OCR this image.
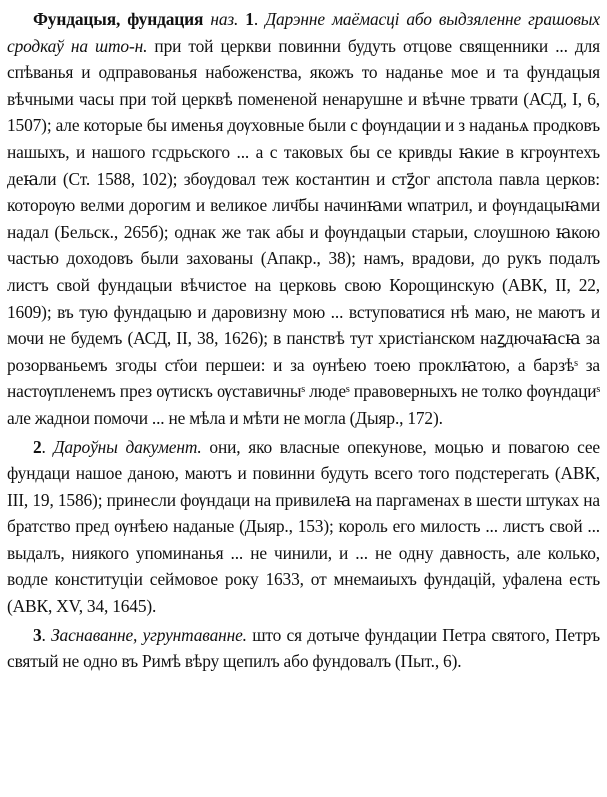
Фундацыя, фундация наз. 1. Дарэнне маёмасці або выдзяленне грашовых сродкаў на што-н. при той церкви повинни будуть отцове священники ... для спѣванья и одправованья набоженства, якожъ то наданье мое и та фундацыя вѣчными часы при той церквѣ помененой ненарушне и вѣчне трвати (АСД, I, 6, 1507); але которые бы именья дѹховные были с фѹндации и з наданьѧ продковъ нашыхъ, и нашого гсдрьского ... а с таковых бы се кривды ꙗкие в кгрѹнтехъ деꙗли (Ст. 1588, 102); збѹдовал теж костантин и стꙁ҃ог апстола павла церков: которѹю велми дорогим и великое лич҃бы начинꙗми ѡпатрил, и фѹндацыꙗми надал (Бельск., 265б); однак же так абы и фѹндацыи старыи, слоушною ꙗкою частью доходовъ были захованы (Апакр., 38); намъ, врадови, до рукъ подалъ листъ свой фундацыи вѣчистое на церковь свою Корощинскую (АВК, II, 22, 1609); въ тую фундацыю и даровизну мою ... вступоватися нѣ маю, не маютъ и мочи не будемъ (АСД, II, 38, 1626); в панствѣ тут христіанском наꙁдючаꙗсꙗ за розорваньемъ згоды ст҃ои першеи: и за ѹнѣею тоею проклꙗтою, а барзѣˢ за настѹпленемъ през ѹтискъ ѹставичныˢ людеˢ правоверныхъ не толко фѹндациˢ але жаднои помочи ... не мѣла и мѣти не могла (Дыяр., 172).

2. Дароўны дакумент. они, яко власные опекунове, моцью и повагою сее фундаци нашое даною, маютъ и повинни будуть всего того подстерегать (АВК, III, 19, 1586); принесли фѹндаци на привилеꙗ на паргаменах в шести штуках на братство пред ѹнѣею наданые (Дыяр., 153); король его милость ... листъ свой ... выдалъ, ниякого упоминанья ... не чинили, и ... не одну давность, але колько, водле конституціи сеймовое року 1633, от мнемаиыхъ фундацій, уфалена есть (АВК, XV, 34, 1645).

3. Заснаванне, угрунтаванне. што ся дотыче фундации Петра святого, Петръ святый не одно въ Римѣ вѣру щепилъ або фундовалъ (Пыт., 6).
